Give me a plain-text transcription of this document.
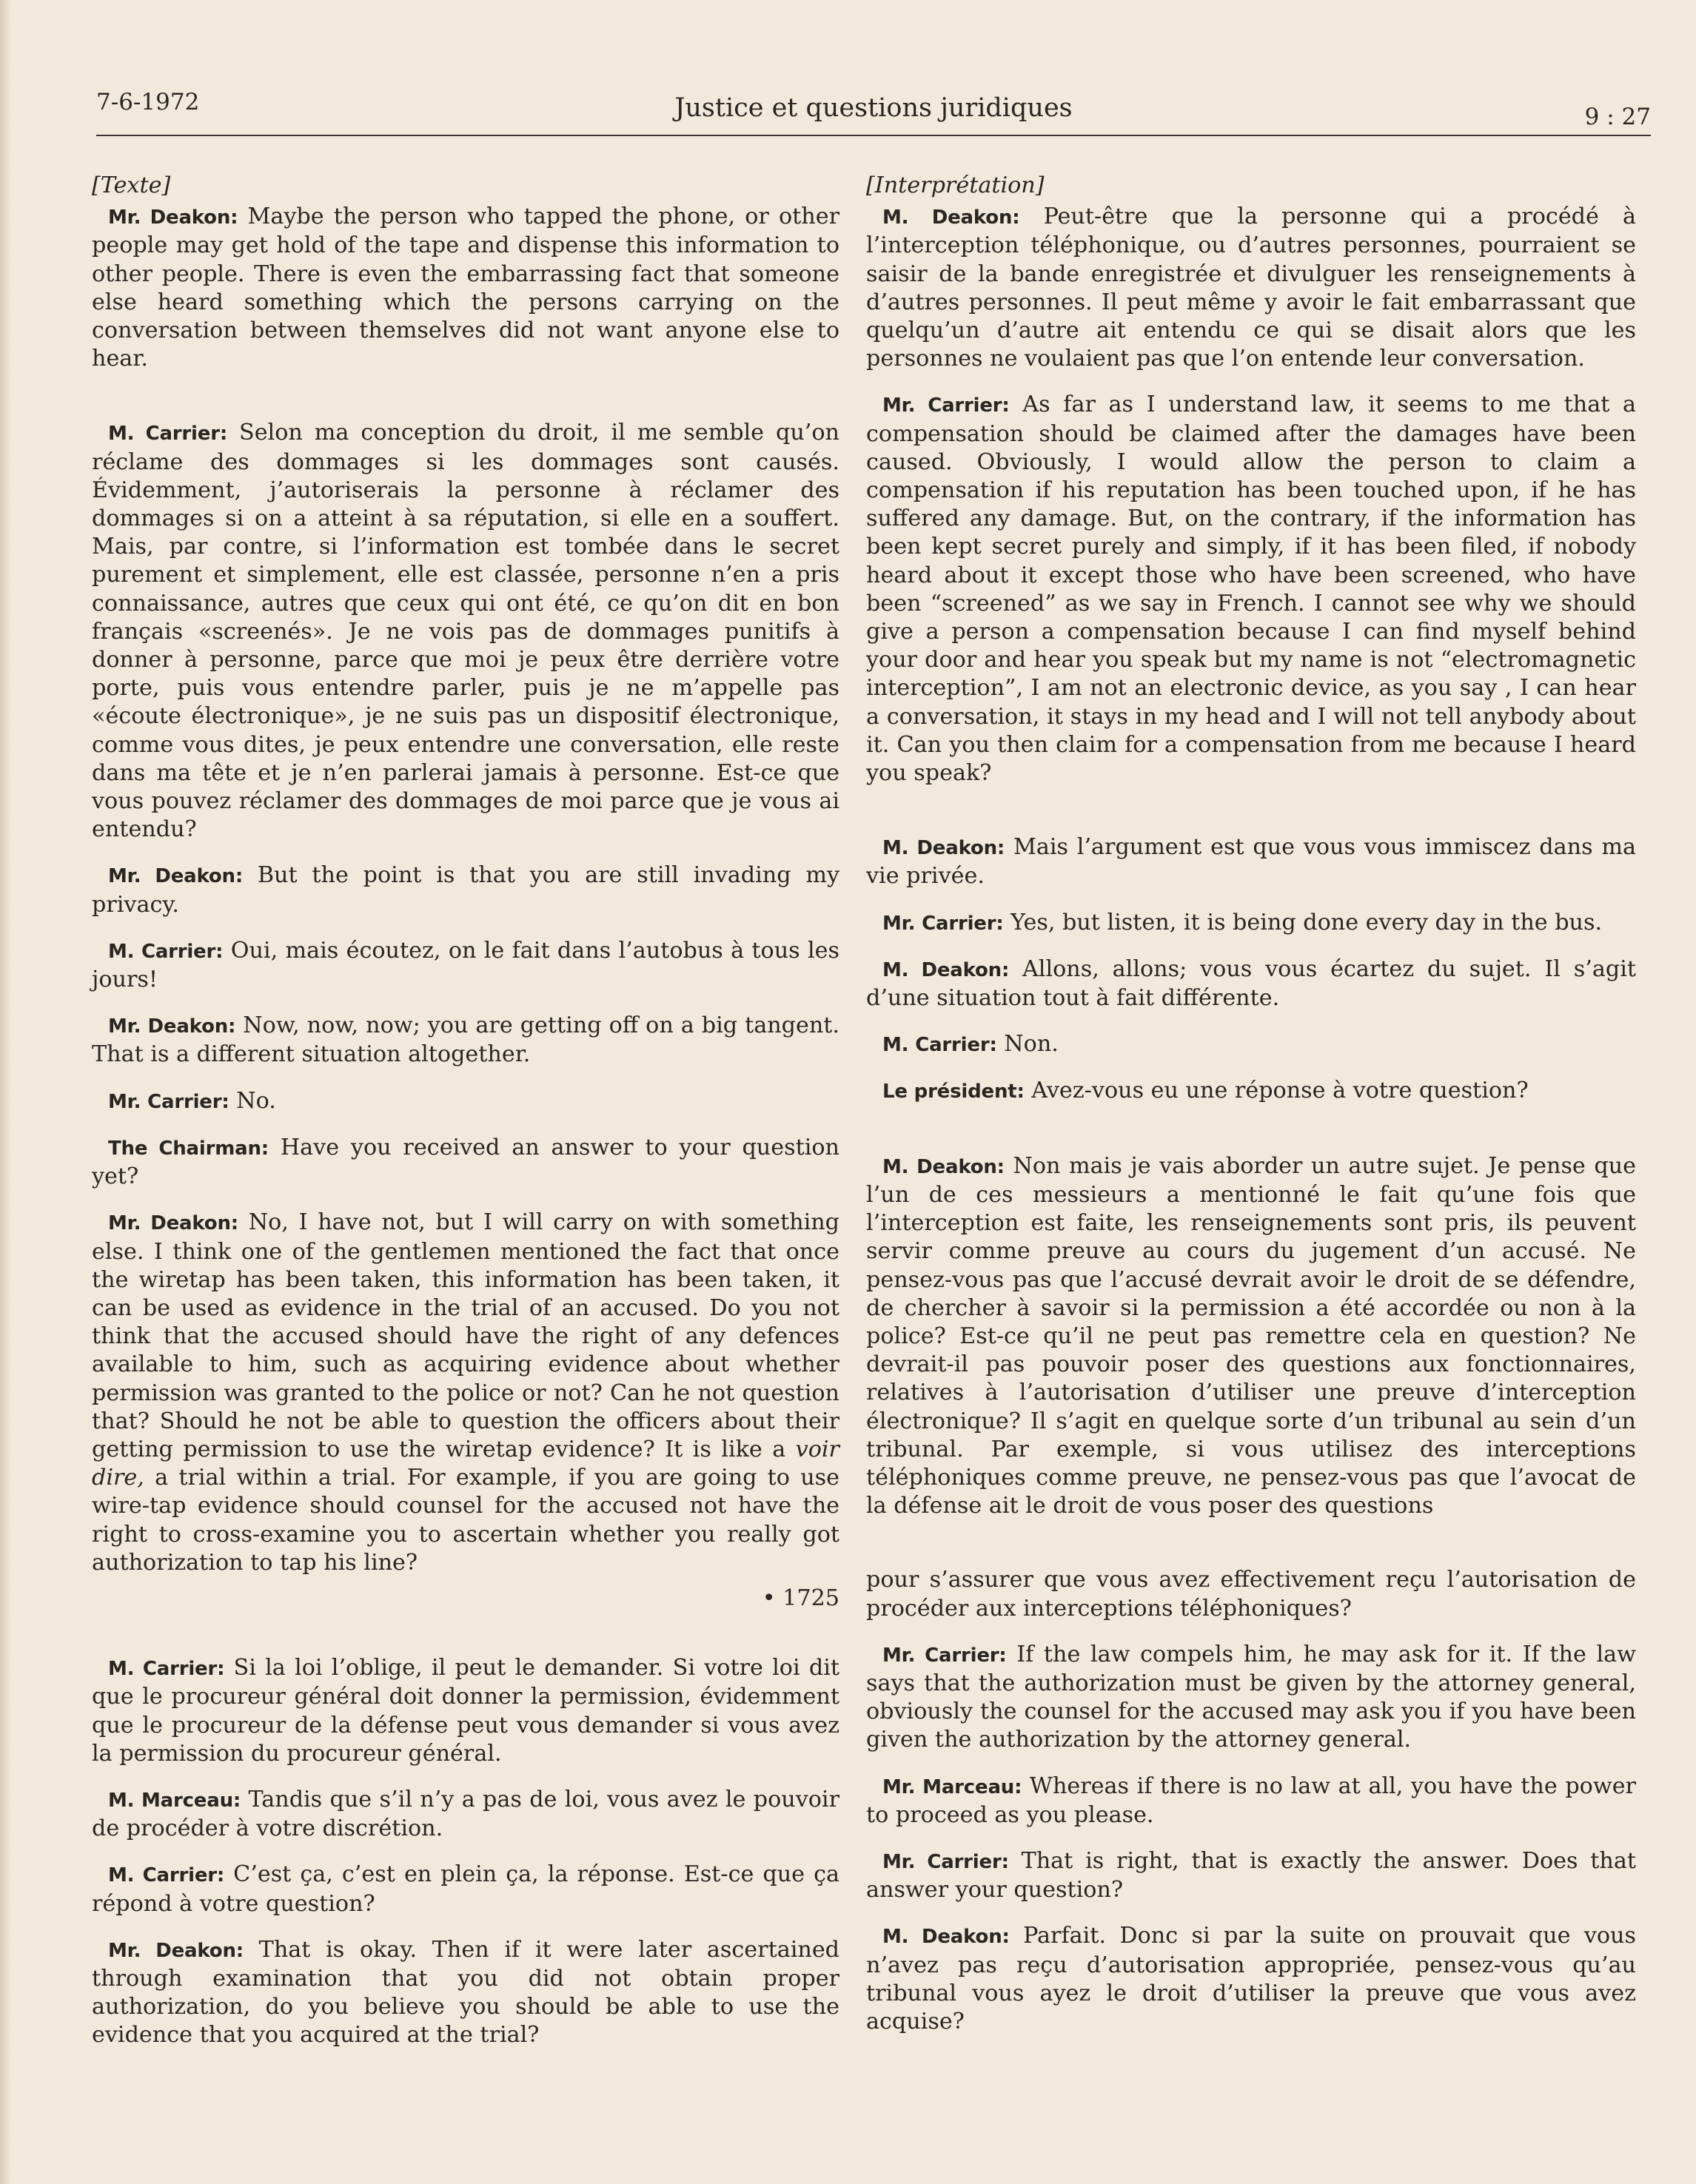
7-6-1972	Justice et questions juridiques	9 : 27
[Texte]

Mr. Deakon: Maybe the person who tapped the phone, or other people may get hold of the tape and dispense this information to other people. There is even the embarrassing fact that someone else heard something which the persons carrying on the conversation between themselves did not want anyone else to hear.

M. Carrier: Selon ma conception du droit, il me semble qu’on réclame des dommages si les dommages sont causés. Évidemment, j’autoriserais la personne à réclamer des dommages si on a atteint à sa réputation, si elle en a souffert. Mais, par contre, si l’information est tombée dans le secret purement et simplement, elle est classée, personne n’en a pris connaissance, autres que ceux qui ont été, ce qu’on dit en bon français «screenés». Je ne vois pas de dommages punitifs à donner à personne, parce que moi je peux être derrière votre porte, puis vous entendre parler, puis je ne m’appelle pas «écoute électronique», je ne suis pas un dispositif électronique, comme vous dites, je peux entendre une conversation, elle reste dans ma tête et je n’en parlerai jamais à personne. Est-ce que vous pouvez réclamer des dommages de moi parce que je vous ai entendu?

Mr. Deakon: But the point is that you are still invading my privacy.

M. Carrier: Oui, mais écoutez, on le fait dans l’autobus à tous les jours!

Mr. Deakon: Now, now, now; you are getting off on a big tangent. That is a different situation altogether.

Mr. Carrier: No.

The Chairman: Have you received an answer to your question yet?

Mr. Deakon: No, I have not, but I will carry on with something else. I think one of the gentlemen mentioned the fact that once the wiretap has been taken, this information has been taken, it can be used as evidence in the trial of an accused. Do you not think that the accused should have the right of any defences available to him, such as acquiring evidence about whether permission was granted to the police or not? Can he not question that? Should he not be able to question the officers about their getting permission to use the wiretap evidence? It is like a voir dire, a trial within a trial. For example, if you are going to use wire-tap evidence should counsel for the accused not have the right to cross-examine you to ascertain whether you really got authorization to tap his line?

• 1725

M. Carrier: Si la loi l’oblige, il peut le demander. Si votre loi dit que le procureur général doit donner la permission, évidemment que le procureur de la défense peut vous demander si vous avez la permission du procureur général.

M. Marceau: Tandis que s’il n’y a pas de loi, vous avez le pouvoir de procéder à votre discrétion.

M. Carrier: C’est ça, c’est en plein ça, la réponse. Est-ce que ça répond à votre question?

Mr. Deakon: That is okay. Then if it were later ascertained through examination that you did not obtain proper authorization, do you believe you should be able to use the evidence that you acquired at the trial?

[Interprétation]

M. Deakon: Peut-être que la personne qui a procédé à l’interception téléphonique, ou d’autres personnes, pourraient se saisir de la bande enregistrée et divulguer les renseignements à d’autres personnes. Il peut même y avoir le fait embarrassant que quelqu’un d’autre ait entendu ce qui se disait alors que les personnes ne voulaient pas que l’on entende leur conversation.

Mr. Carrier: As far as I understand law, it seems to me that a compensation should be claimed after the damages have been caused. Obviously, I would allow the person to claim a compensation if his reputation has been touched upon, if he has suffered any damage. But, on the contrary, if the information has been kept secret purely and simply, if it has been filed, if nobody heard about it except those who have been screened, who have been “screened” as we say in French. I cannot see why we should give a person a compensation because I can find myself behind your door and hear you speak but my name is not “electromagnetic interception”, I am not an electronic device, as you say , I can hear a conversation, it stays in my head and I will not tell anybody about it. Can you then claim for a compensation from me because I heard you speak?

M. Deakon: Mais l’argument est que vous vous immiscez dans ma vie privée.

Mr. Carrier: Yes, but listen, it is being done every day in the bus.

M. Deakon: Allons, allons; vous vous écartez du sujet. Il s’agit d’une situation tout à fait différente.

M. Carrier: Non.

Le président: Avez-vous eu une réponse à votre question?

M. Deakon: Non mais je vais aborder un autre sujet. Je pense que l’un de ces messieurs a mentionné le fait qu’une fois que l’interception est faite, les renseignements sont pris, ils peuvent servir comme preuve au cours du jugement d’un accusé. Ne pensez-vous pas que l’accusé devrait avoir le droit de se défendre, de chercher à savoir si la permission a été accordée ou non à la police? Est-ce qu’il ne peut pas remettre cela en question? Ne devrait-il pas pouvoir poser des questions aux fonctionnaires, relatives à l’autorisation d’utiliser une preuve d’interception électronique? Il s’agit en quelque sorte d’un tribunal au sein d’un tribunal. Par exemple, si vous utilisez des interceptions téléphoniques comme preuve, ne pensez-vous pas que l’avocat de la défense ait le droit de vous poser des questions

pour s’assurer que vous avez effectivement reçu l’autorisation de procéder aux interceptions téléphoniques?

Mr. Carrier: If the law compels him, he may ask for it. If the law says that the authorization must be given by the attorney general, obviously the counsel for the accused may ask you if you have been given the authorization by the attorney general.

Mr. Marceau: Whereas if there is no law at all, you have the power to proceed as you please.

Mr. Carrier: That is right, that is exactly the answer. Does that answer your question?

M. Deakon: Parfait. Donc si par la suite on prouvait que vous n’avez pas reçu d’autorisation appropriée, pensez-vous qu’au tribunal vous ayez le droit d’utiliser la preuve que vous avez acquise?
